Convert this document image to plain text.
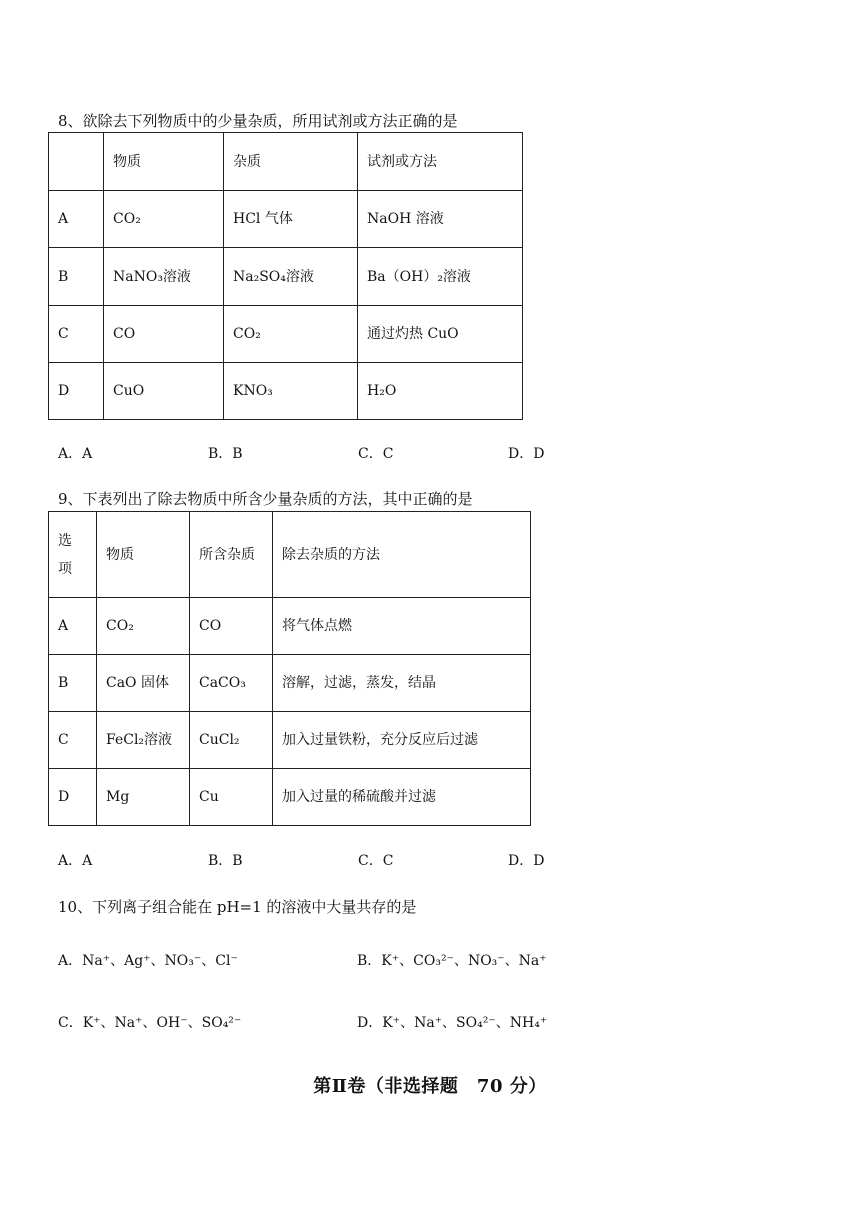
8、欲除去下列物质中的少量杂质，所用试剂或方法正确的是
	物质	杂质	试剂或方法
A	CO₂	HCl 气体	NaOH 溶液
B	NaNO₃溶液	Na₂SO₄溶液	Ba（OH）₂溶液
C	CO	CO₂	通过灼热 CuO
D	CuO	KNO₃	H₂O
A．A	B．B	C．C	D．D
9、下表列出了除去物质中所含少量杂质的方法，其中正确的是
选项	物质	所含杂质	除去杂质的方法
A	CO₂	CO	将气体点燃
B	CaO 固体	CaCO₃	溶解，过滤，蒸发，结晶
C	FeCl₂溶液	CuCl₂	加入过量铁粉，充分反应后过滤
D	Mg	Cu	加入过量的稀硫酸并过滤
A．A	B．B	C．C	D．D
10、下列离子组合能在 pH=1 的溶液中大量共存的是
A．Na⁺、Ag⁺、NO₃⁻、Cl⁻	B．K⁺、CO₃²⁻、NO₃⁻、Na⁺
C．K⁺、Na⁺、OH⁻、SO₄²⁻	D．K⁺、Na⁺、SO₄²⁻、NH₄⁺
第Ⅱ卷（非选择题　70 分）
